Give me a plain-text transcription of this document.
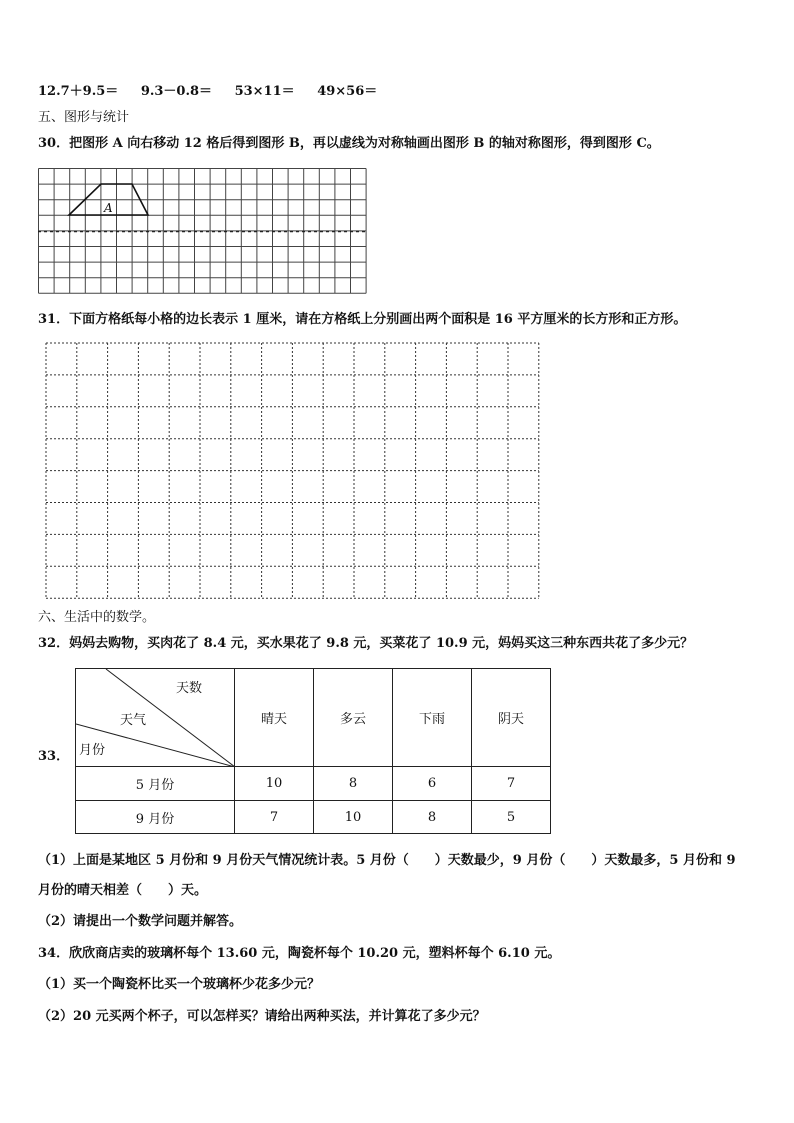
12.7＋9.5＝ 9.3－0.8＝ 53×11＝ 49×56＝
五、图形与统计
30．把图形 A 向右移动 12 格后得到图形 B，再以虚线为对称轴画出图形 B 的轴对称图形，得到图形 C。
A
31．下面方格纸每小格的边长表示 1 厘米，请在方格纸上分别画出两个面积是 16 平方厘米的长方形和正方形。
六、生活中的数学。
32．妈妈去购物，买肉花了 8.4 元，买水果花了 9.8 元，买菜花了 10.9 元，妈妈买这三种东西共花了多少元？
33．
天数
天气
月份	晴天	多云	下雨	阴天
5 月份	10	8	6	7
9 月份	7	10	8	5
（1）上面是某地区 5 月份和 9 月份天气情况统计表。5 月份（　　）天数最少，9 月份（　　）天数最多，5 月份和 9
月份的晴天相差（　　）天。
（2）请提出一个数学问题并解答。
34．欣欣商店卖的玻璃杯每个 13.60 元，陶瓷杯每个 10.20 元，塑料杯每个 6.10 元。
（1）买一个陶瓷杯比买一个玻璃杯少花多少元？
（2）20 元买两个杯子，可以怎样买？请给出两种买法，并计算花了多少元？
